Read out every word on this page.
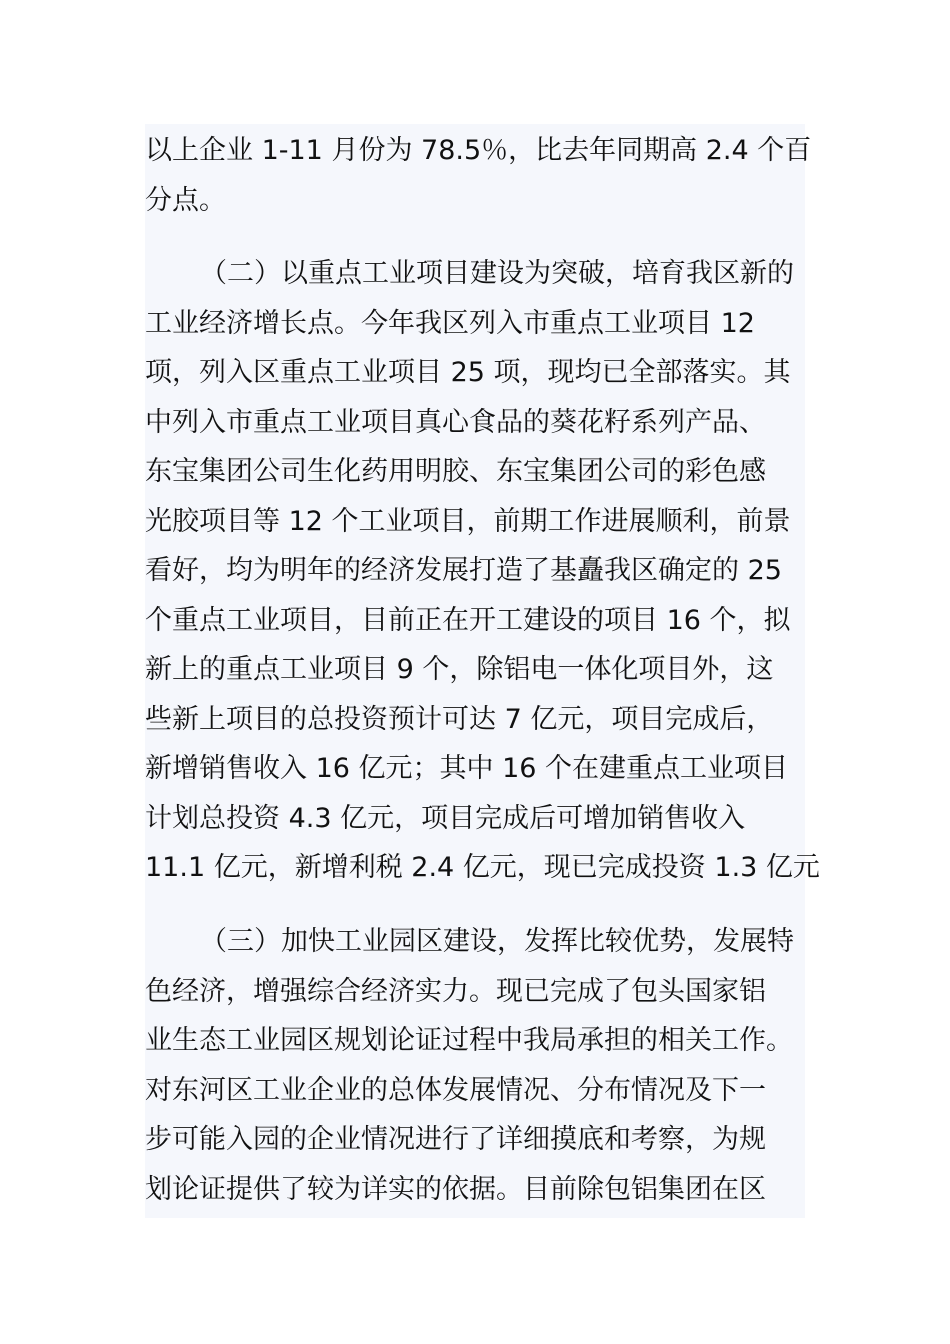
以上企业 1-11 月份为 78.5％，比去年同期高 2.4 个百
分点。
（二）以重点工业项目建设为突破，培育我区新的
工业经济增长点。今年我区列入市重点工业项目 12
项，列入区重点工业项目 25 项，现均已全部落实。其
中列入市重点工业项目真心食品的葵花籽系列产品、
东宝集团公司生化药用明胶、东宝集团公司的彩色感
光胶项目等 12 个工业项目，前期工作进展顺利，前景
看好，均为明年的经济发展打造了基矗我区确定的 25
个重点工业项目，目前正在开工建设的项目 16 个，拟
新上的重点工业项目 9 个，除铝电一体化项目外，这
些新上项目的总投资预计可达 7 亿元，项目完成后，
新增销售收入 16 亿元；其中 16 个在建重点工业项目
计划总投资 4.3 亿元，项目完成后可增加销售收入
11.1 亿元，新增利税 2.4 亿元，现已完成投资 1.3 亿元
（三）加快工业园区建设，发挥比较优势，发展特
色经济，增强综合经济实力。现已完成了包头国家铝
业生态工业园区规划论证过程中我局承担的相关工作。
对东河区工业企业的总体发展情况、分布情况及下一
步可能入园的企业情况进行了详细摸底和考察，为规
划论证提供了较为详实的依据。目前除包铝集团在区
